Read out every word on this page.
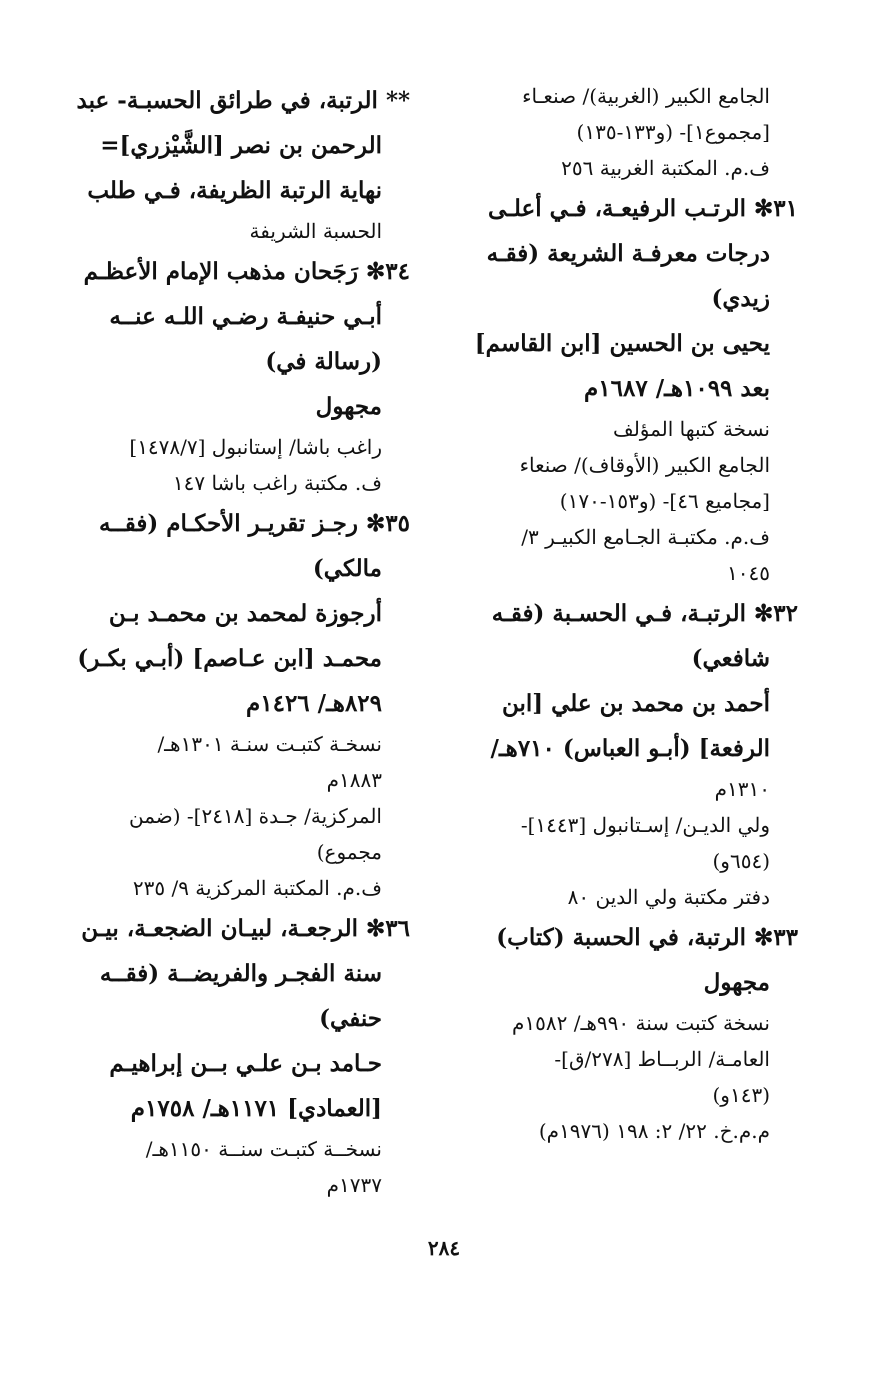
الجامع الكبير (الغربية)/ صنعـاء
[مجموع١]- (و١٣٣-١٣٥)
ف.م. المكتبة الغربية ٢٥٦
٣١✻ الرتـب الرفيعـة، فـي أعلـى
درجات معرفـة الشريعة (فقـه
زيدي)
يحيى بن الحسين [ابن القاسم]
بعد ١٠٩٩هـ/ ١٦٨٧م
نسخة كتبها المؤلف
الجامع الكبير (الأوقاف)/ صنعاء
[مجاميع ٤٦]- (و١٥٣-١٧٠)
ف.م. مكتبـة الجـامع الكبيـر ٣/
١٠٤٥
٣٢✻ الرتبـة، فـي الحسـبة (فقـه
شافعي)
أحمد بن محمد بن علي [ابن
الرفعة] (أبـو العباس) ٧١٠هـ/
١٣١٠م
ولي الديـن/ إسـتانبول [١٤٤٣]-
(٦٥٤و)
دفتر مكتبة ولي الدين ٨٠
٣٣✻ الرتبة، في الحسبة (كتاب)
مجهول
نسخة كتبت سنة ٩٩٠هـ/ ١٥٨٢م
العامـة/ الربــاط [٢٧٨/ق]-
(١٤٣و)
م.م.خ. ٢٢/ ٢: ١٩٨ (١٩٧٦م)
** الرتبة، في طرائق الحسبـة- عبد
الرحمن بن نصر [الشَّيْزري]=
نهاية الرتبة الظريفة، فـي طلب
الحسبة الشريفة
٣٤✻ رَجَحان مذهب الإمام الأعظـم
أبـي حنيفـة رضـي اللـه عنــه
(رسالة في)
مجهول
راغب باشا/ إستانبول [١٤٧٨/٧]
ف. مكتبة راغب باشا ١٤٧
٣٥✻ رجـز تقريـر الأحكـام (فقــه
مالكي)
أرجوزة لمحمد بن محمـد بـن
محمـد [ابن عـاصم] (أبـي بكـر)
٨٢٩هـ/ ١٤٢٦م
نسخـة كتبـت سنـة ١٣٠١هـ/
١٨٨٣م
المركزية/ جـدة [٢٤١٨]- (ضمن
مجموع)
ف.م. المكتبة المركزية ٩/ ٢٣٥
٣٦✻ الرجعـة، لبيـان الضجعـة، بيـن
سنة الفجـر والفريضــة (فقــه
حنفي)
حـامد بـن علـي بــن إبراهيـم
[العمادي] ١١٧١هـ/ ١٧٥٨م
نسخــة كتبـت سنــة ١١٥٠هـ/
١٧٣٧م
٢٨٤
